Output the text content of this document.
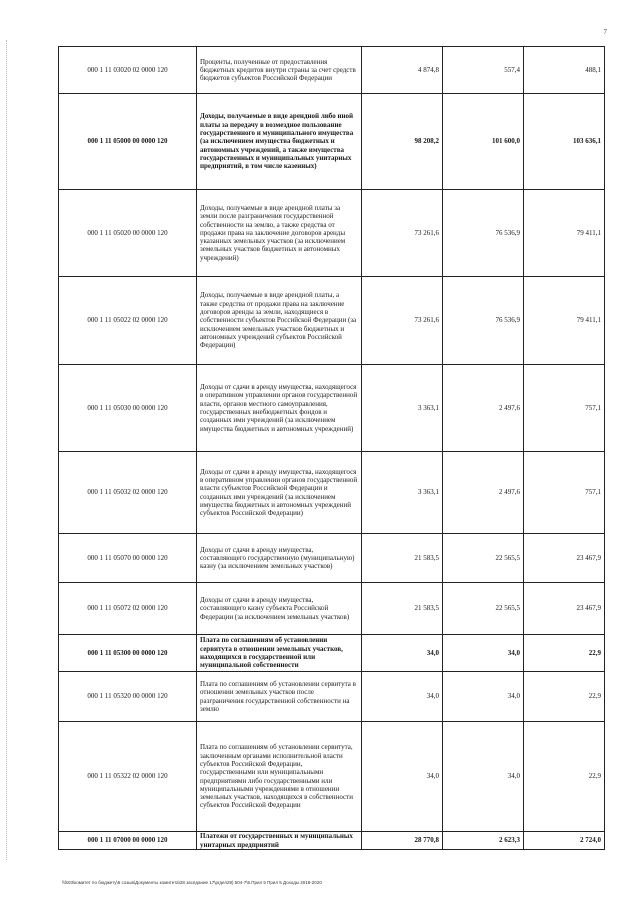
7
000 1 11 03020 02 0000 120	Проценты, полученные от предоставления бюджетных кредитов внутри страны за счет средств бюджетов субъектов Российской Федерации	4 874,8	557,4	488,1
000 1 11 05000 00 0000 120	Доходы, получаемые в виде арендной либо иной платы за передачу в возмездное пользование государственного и муниципального имущества (за исключением имущества бюджетных и автономных учреждений, а также имущества государственных и муниципальных унитарных предприятий, в том числе казенных)	98 208,2	101 600,0	103 636,1
000 1 11 05020 00 0000 120	Доходы, получаемые в виде арендной платы за земли после разграничения государственной собственности на землю, а также средства от продажи права на заключение договоров аренды указанных земельных участков (за исключением земельных участков бюджетных и автономных учреждений)	73 261,6	76 536,9	79 411,1
000 1 11 05022 02 0000 120	Доходы, получаемые в виде арендной платы, а также средства от продажи права на заключение договоров аренды за земли, находящиеся в собственности субъектов Российской Федерации (за исключением земельных участков бюджетных и автономных учреждений субъектов Российской Федерации)	73 261,6	76 536,9	79 411,1
000 1 11 05030 00 0000 120	Доходы от сдачи в аренду имущества, находящегося в оперативном управлении органов государственной власти, органов местного самоуправления, государственных внебюджетных фондов и созданных ими учреждений (за исключением имущества бюджетных и автономных учреждений)	3 363,1	2 497,6	757,1
000 1 11 05032 02 0000 120	Доходы от сдачи в аренду имущества, находящегося в оперативном управлении органов государственной власти субъектов Российской Федерации и созданных ими учреждений (за исключением имущества бюджетных и автономных учреждений субъектов Российской Федерации)	3 363,1	2 497,6	757,1
000 1 11 05070 00 0000 120	Доходы от сдачи в аренду имущества, составляющего государственную (муниципальную) казну (за исключением земельных участков)	21 583,5	22 565,5	23 467,9
000 1 11 05072 02 0000 120	Доходы от сдачи в аренду имущества, составляющего казну субъекта Российской Федерации (за исключением земельных участков)	21 583,5	22 565,5	23 467,9
000 1 11 05300 00 0000 120	Плата по соглашениям об установлении сервитута в отношении земельных участков, находящихся в государственной или муниципальной собственности	34,0	34,0	22,9
000 1 11 05320 00 0000 120	Плата по соглашениям об установлении сервитута в отношении земельных участков после разграничения государственной собственности на землю	34,0	34,0	22,9
000 1 11 05322 02 0000 120	Плата по соглашениям об установлении сервитута, заключенным органами исполнительной власти субъектов Российской Федерации, государственными или муниципальными предприятиями либо государственными или муниципальными учреждениями в отношении земельных участков, находящихся в собственности субъектов Российской Федерации	34,0	34,0	22,9
000 1 11 07000 00 0000 120	Платежи от государственных и муниципальных унитарных предприятий	28 770,8	2 623,3	2 724,0
\\fs03\комитет по бюджету\5 созыв\Документы комитета\28 заседание 17\ргдел28) 504-7\5.Прил 5 Прил 5 Доходы 2018-2020
